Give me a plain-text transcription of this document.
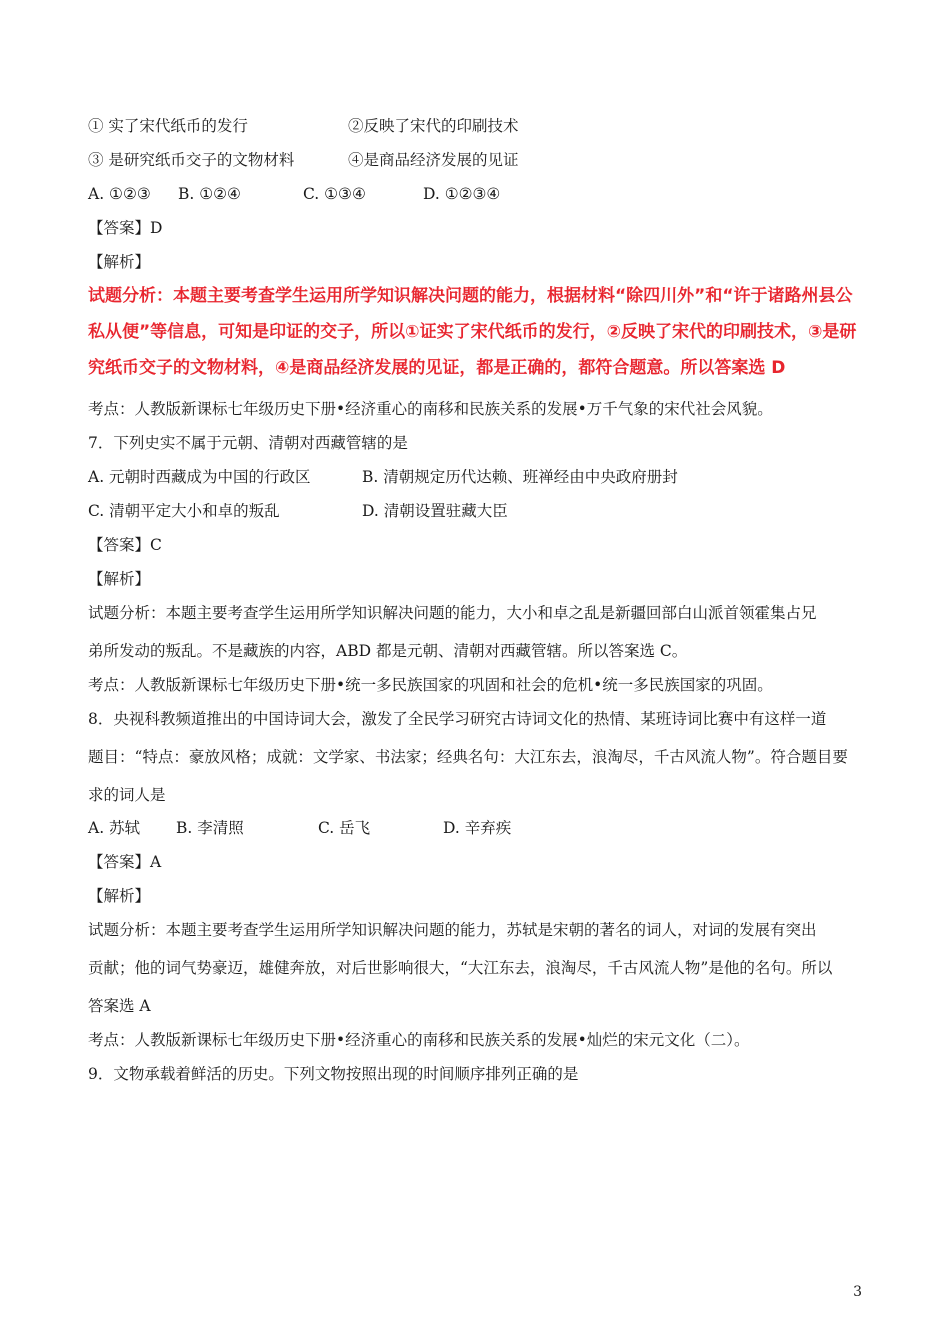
① 实了宋代纸币的发行	②反映了宋代的印刷技术
③ 是研究纸币交子的文物材料	④是商品经济发展的见证
A. ①②③ B. ①②④	C. ①③④	D. ①②③④
【答案】D
【解析】
试题分析：本题主要考查学生运用所学知识解决问题的能力，根据材料“除四川外”和“许于诸路州县公
私从便”等信息，可知是印证的交子，所以①证实了宋代纸币的发行，②反映了宋代的印刷技术，③是研
究纸币交子的文物材料，④是商品经济发展的见证，都是正确的，都符合题意。所以答案选 D
考点：人教版新课标七年级历史下册•经济重心的南移和民族关系的发展•万千气象的宋代社会风貌。
7．下列史实不属于元朝、清朝对西藏管辖的是
A. 元朝时西藏成为中国的行政区	B. 清朝规定历代达赖、班禅经由中央政府册封
C. 清朝平定大小和卓的叛乱	D. 清朝设置驻藏大臣
【答案】C
【解析】
试题分析：本题主要考查学生运用所学知识解决问题的能力，大小和卓之乱是新疆回部白山派首领霍集占兄
弟所发动的叛乱。不是藏族的内容，ABD 都是元朝、清朝对西藏管辖。所以答案选 C。
考点：人教版新课标七年级历史下册•统一多民族国家的巩固和社会的危机•统一多民族国家的巩固。
8．央视科教频道推出的中国诗词大会，激发了全民学习研究古诗词文化的热情、某班诗词比赛中有这样一道
题目：“特点：豪放风格；成就：文学家、书法家；经典名句：大江东去，浪淘尽，千古风流人物”。符合题目要
求的词人是
A. 苏轼 B. 李清照	C. 岳飞	D. 辛弃疾
【答案】A
【解析】
试题分析：本题主要考查学生运用所学知识解决问题的能力，苏轼是宋朝的著名的词人，对词的发展有突出
贡献；他的词气势豪迈，雄健奔放，对后世影响很大，“大江东去，浪淘尽，千古风流人物”是他的名句。所以
答案选 A
考点：人教版新课标七年级历史下册•经济重心的南移和民族关系的发展•灿烂的宋元文化（二）。
9．文物承载着鲜活的历史。下列文物按照出现的时间顺序排列正确的是
3
